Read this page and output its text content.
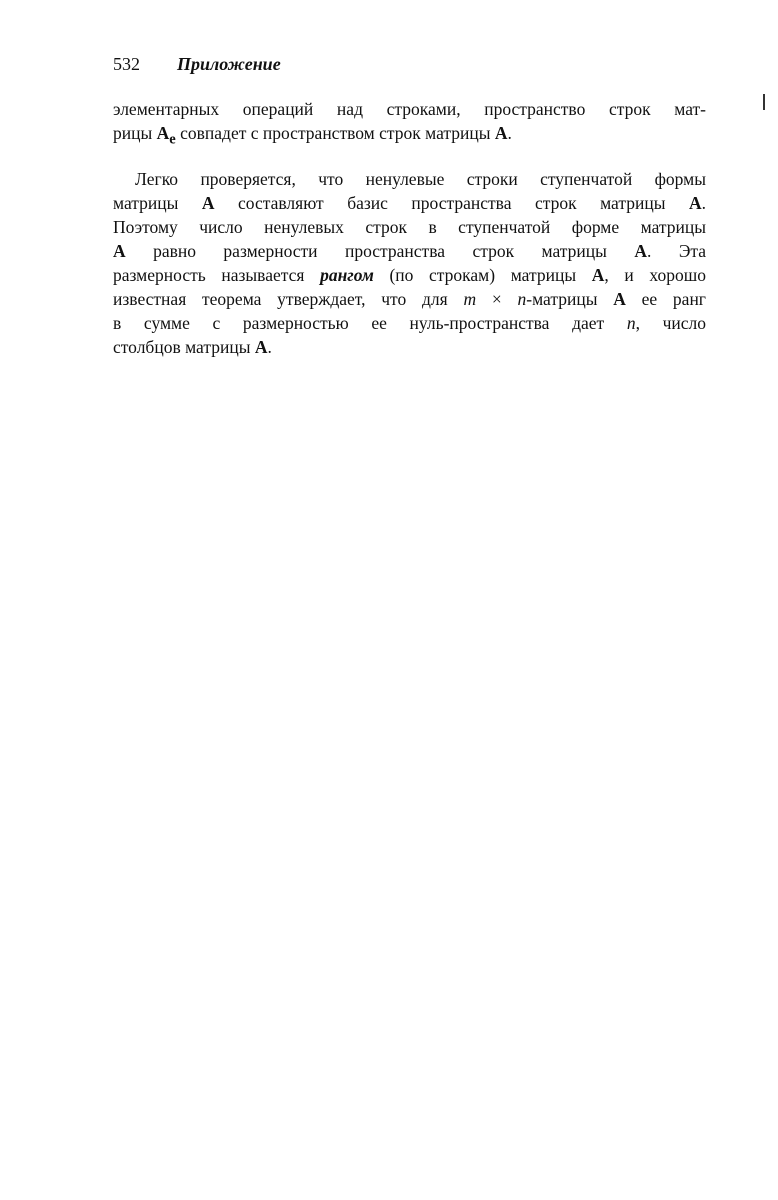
532 Приложение
элементарных операций над строками, пространство строк мат-
рицы $A_e$ совпадет с пространством строк матрицы A.
Легко проверяется, что ненулевые строки ступенчатой формы
матрицы A составляют базис пространства строк матрицы A.
Поэтому число ненулевых строк в ступенчатой форме матрицы
A равно размерности пространства строк матрицы A. Эта
размерность называется рангом (по строкам) матрицы A, и хорошо
известная теорема утверждает, что для m × n-матрицы A ее ранг
в сумме с размерностью ее нуль-пространства дает n, число
столбцов матрицы A.
